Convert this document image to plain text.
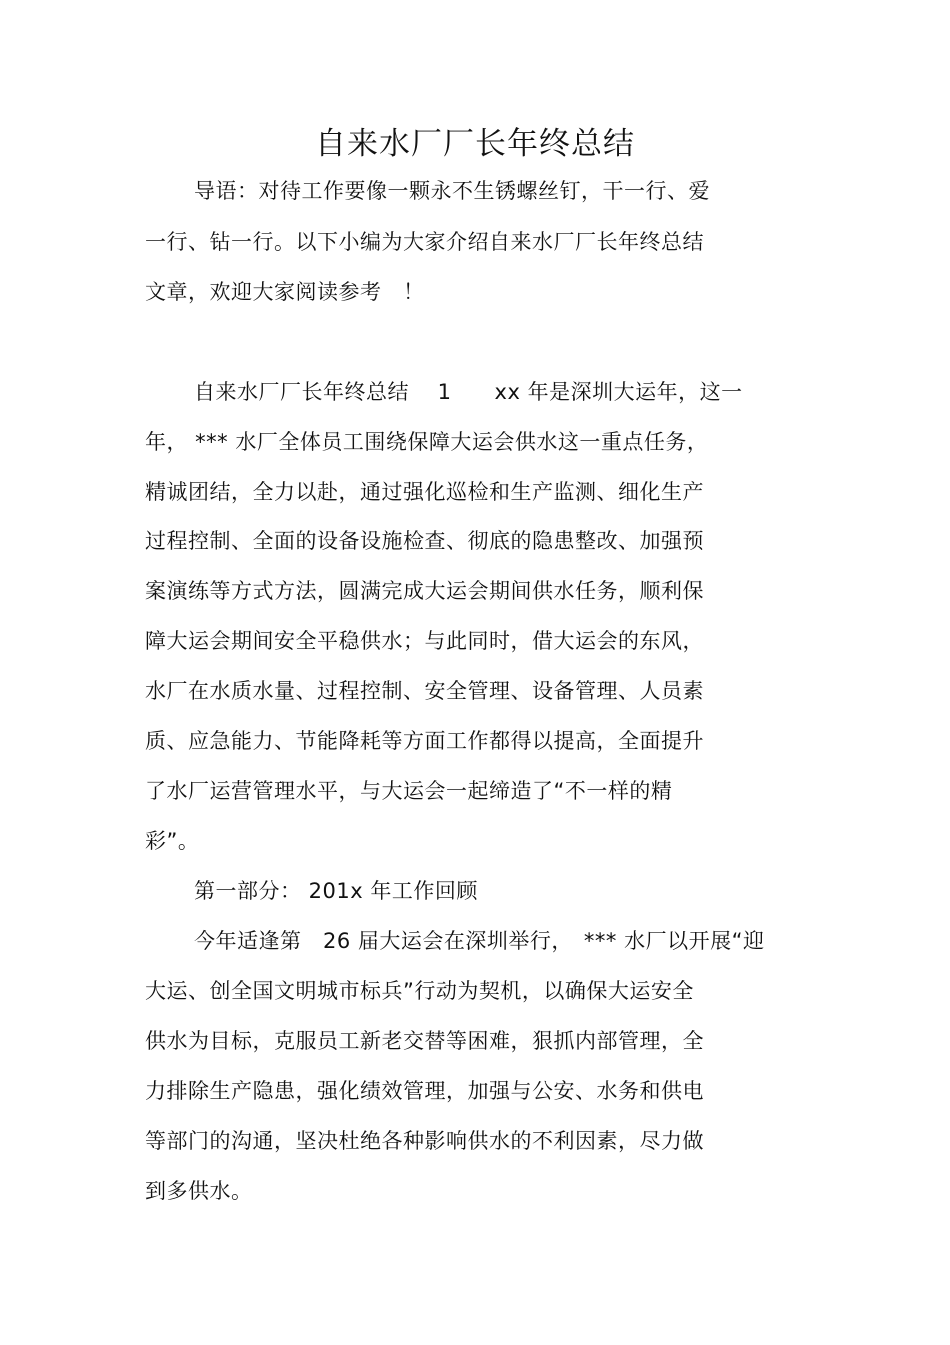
自来水厂厂长年终总结
导语：对待工作要像一颗永不生锈螺丝钉，干一行、爱
一行、钻一行。以下小编为大家介绍自来水厂厂长年终总结
文章，欢迎大家阅读参考　！
自来水厂厂长年终总结　 1　　xx 年是深圳大运年，这一
年， *** 水厂全体员工围绕保障大运会供水这一重点任务，
精诚团结，全力以赴，通过强化巡检和生产监测、细化生产
过程控制、全面的设备设施检查、彻底的隐患整改、加强预
案演练等方式方法，圆满完成大运会期间供水任务，顺利保
障大运会期间安全平稳供水；与此同时，借大运会的东风，
水厂在水质水量、过程控制、安全管理、设备管理、人员素
质、应急能力、节能降耗等方面工作都得以提高，全面提升
了水厂运营管理水平，与大运会一起缔造了“不一样的精
彩”。
第一部分： 201x 年工作回顾
今年适逢第　26 届大运会在深圳举行，　*** 水厂以开展“迎
大运、创全国文明城市标兵”行动为契机，以确保大运安全
供水为目标，克服员工新老交替等困难，狠抓内部管理，全
力排除生产隐患，强化绩效管理，加强与公安、水务和供电
等部门的沟通，坚决杜绝各种影响供水的不利因素，尽力做
到多供水。
